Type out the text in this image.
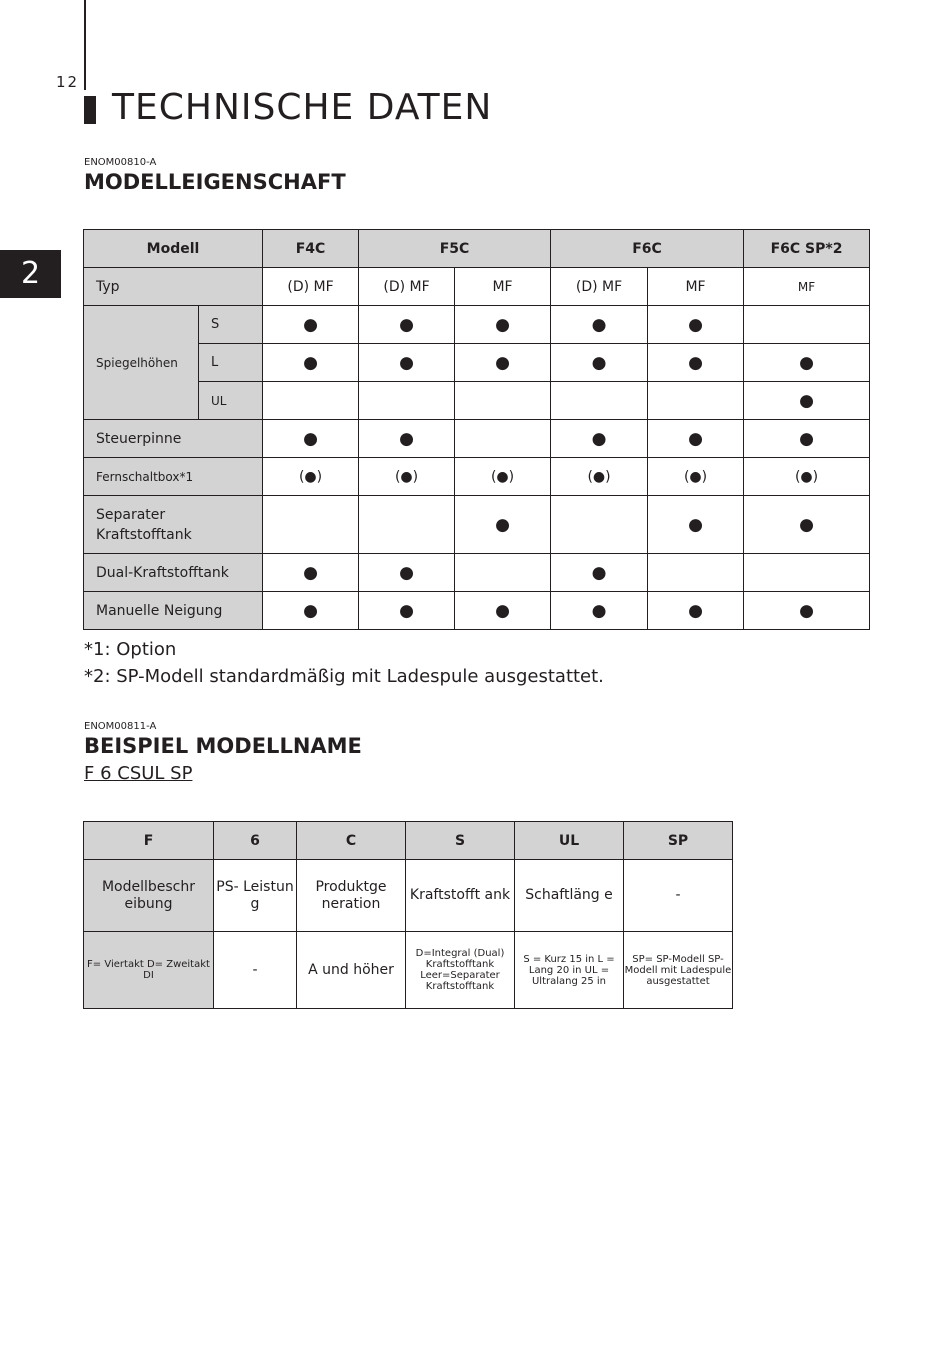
12
TECHNISCHE DATEN
2
ENOM00810-A
MODELLEIGENSCHAFT
Modell		F4C	F5C		F6C		F6C SP*2
Typ		(D) MF	(D) MF	MF	(D) MF	MF	MF
Spiegelhöhen	S	●	●	●	●	●	
	L	●	●	●	●	●	●
	UL						●
Steuerpinne		●	●		●	●	●
Fernschaltbox*1		(●)	(●)	(●)	(●)	(●)	(●)
Separater Kraftstofftank				●		●	●
Dual-Kraftstofftank		●	●		●		
Manuelle Neigung		●	●	●	●	●	●
*1: Option
*2: SP-Modell standardmäßig mit Ladespule ausgestattet.
ENOM00811-A
BEISPIEL MODELLNAME
F 6 CSUL SP
F	6	C	S	UL	SP
Modellbeschr eibung	PS- Leistun g	Produktge neration	Kraftstofft ank	Schaftläng e	-
F= Viertakt D= Zweitakt DI	-	A und höher	D=Integral (Dual) Kraftstofftank Leer=Separater Kraftstofftank	S = Kurz 15 in L = Lang 20 in UL = Ultralang 25 in	SP= SP-Modell SP-Modell mit Ladespule ausgestattet
